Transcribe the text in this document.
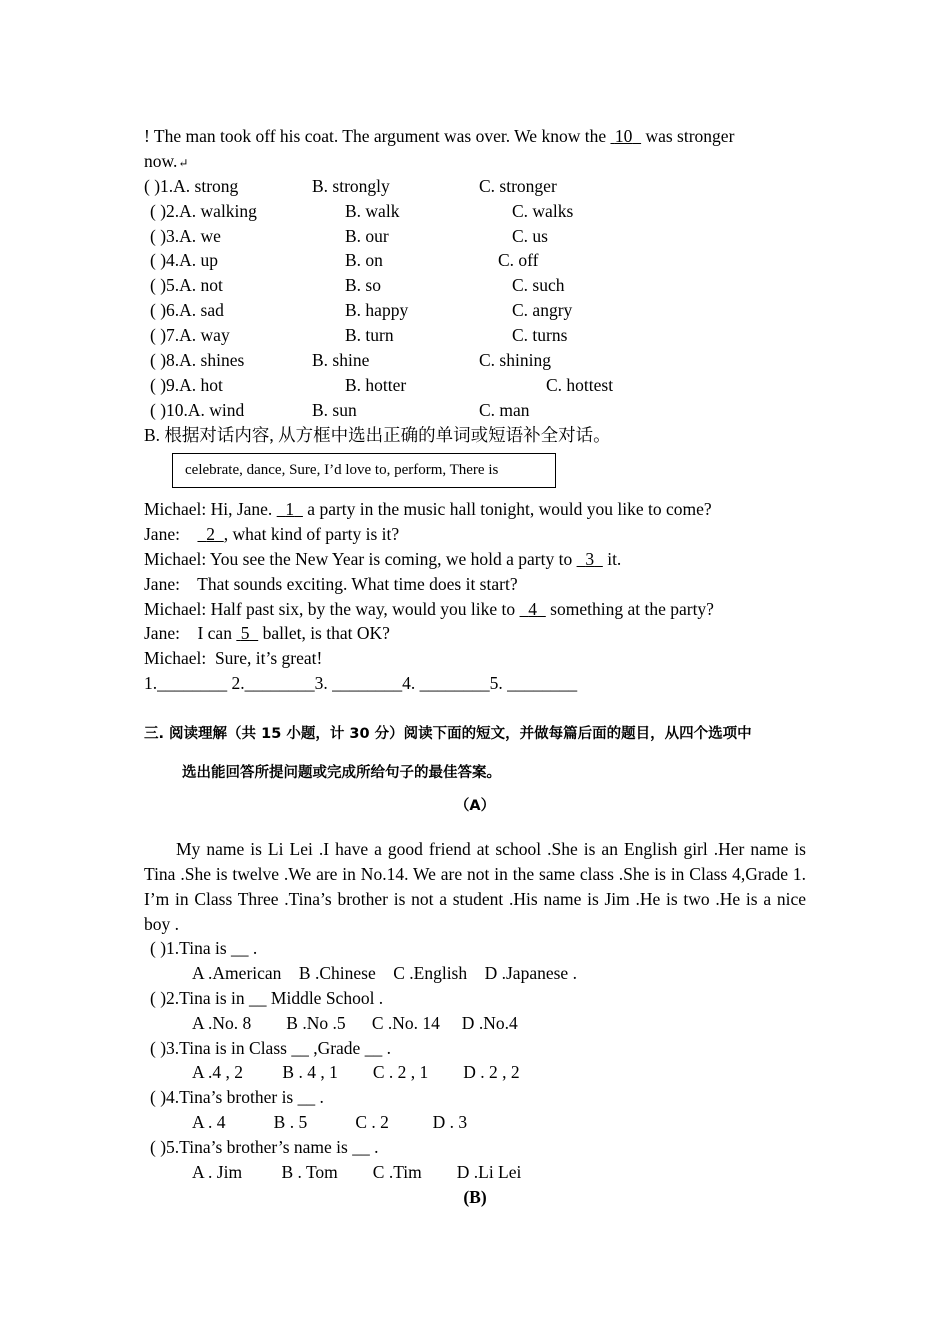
! The man took off his coat. The argument was over. We know the 10 was stronger
now.↵
( )1.A. strong	B. strongly	C. stronger
( )2.A. walking	B. walk	C. walks
( )3.A. we	B. our	C. us
( )4.A. up	B. on	C. off
( )5.A. not	B. so	C. such
( )6.A. sad	B. happy	C. angry
( )7.A. way	B. turn	C. turns
( )8.A. shines	B. shine	C. shining
( )9.A. hot	B. hotter	C. hottest
( )10.A. wind	B. sun	C. man
B. 根据对话内容, 从方框中选出正确的单词或短语补全对话。
celebrate, dance, Sure, I’d love to, perform, There is
Michael: Hi, Jane. 1 a party in the music hall tonight, would you like to come?
Jane: 2 , what kind of party is it?
Michael: You see the New Year is coming, we hold a party to 3 it.
Jane:    That sounds exciting. What time does it start?
Michael: Half past six, by the way, would you like to 4 something at the party?
Jane:    I can 5 ballet, is that OK?
Michael:  Sure, it’s great!
1.________ 2.________3. ________4. ________5. ________
三. 阅读理解（共 15 小题，计 30 分）阅读下面的短文，并做每篇后面的题目，从四个选项中
选出能回答所提问题或完成所给句子的最佳答案。
（A）
My name is Li Lei .I have a good friend at school .She is an English girl .Her name is Tina .She is twelve .We are in No.14. We are not in the same class .She is in Class 4,Grade 1. I’m in Class Three .Tina’s brother is not a student .His name is Jim .He is two .He is a nice boy .
( )1.Tina is __ .
A .American    B .Chinese    C .English    D .Japanese .
( )2.Tina is in __ Middle School .
A .No. 8        B .No .5      C .No. 14     D .No.4
( )3.Tina is in Class __ ,Grade __ .
A .4 , 2         B . 4 , 1        C . 2 , 1        D . 2 , 2
( )4.Tina’s brother is __ .
A . 4           B . 5           C . 2          D . 3
( )5.Tina’s brother’s name is __ .
A . Jim         B . Tom        C .Tim        D .Li Lei
(B)
